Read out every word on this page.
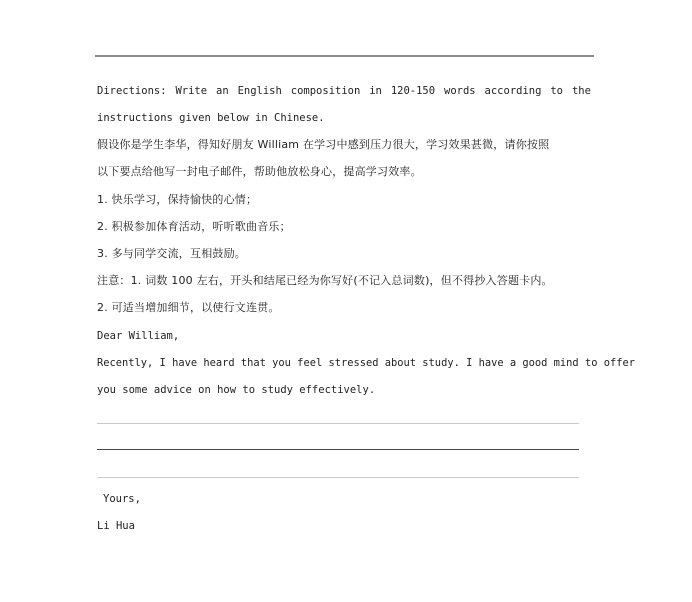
Directions: Write an English composition in 120-150 words according to the
instructions given below in Chinese.
假设你是学生李华，得知好朋友 William 在学习中感到压力很大，学习效果甚微，请你按照
以下要点给他写一封电子邮件，帮助他放松身心，提高学习效率。
1. 快乐学习，保持愉快的心情；
2. 积极参加体育活动，听听歌曲音乐；
3. 多与同学交流，互相鼓励。
注意：1. 词数 100 左右，开头和结尾已经为你写好(不记入总词数)，但不得抄入答题卡内。
2. 可适当增加细节，以使行文连贯。
Dear William,
Recently, I have heard that you feel stressed about study. I have a good mind to offer
you some advice on how to study effectively.
Yours,
Li Hua
